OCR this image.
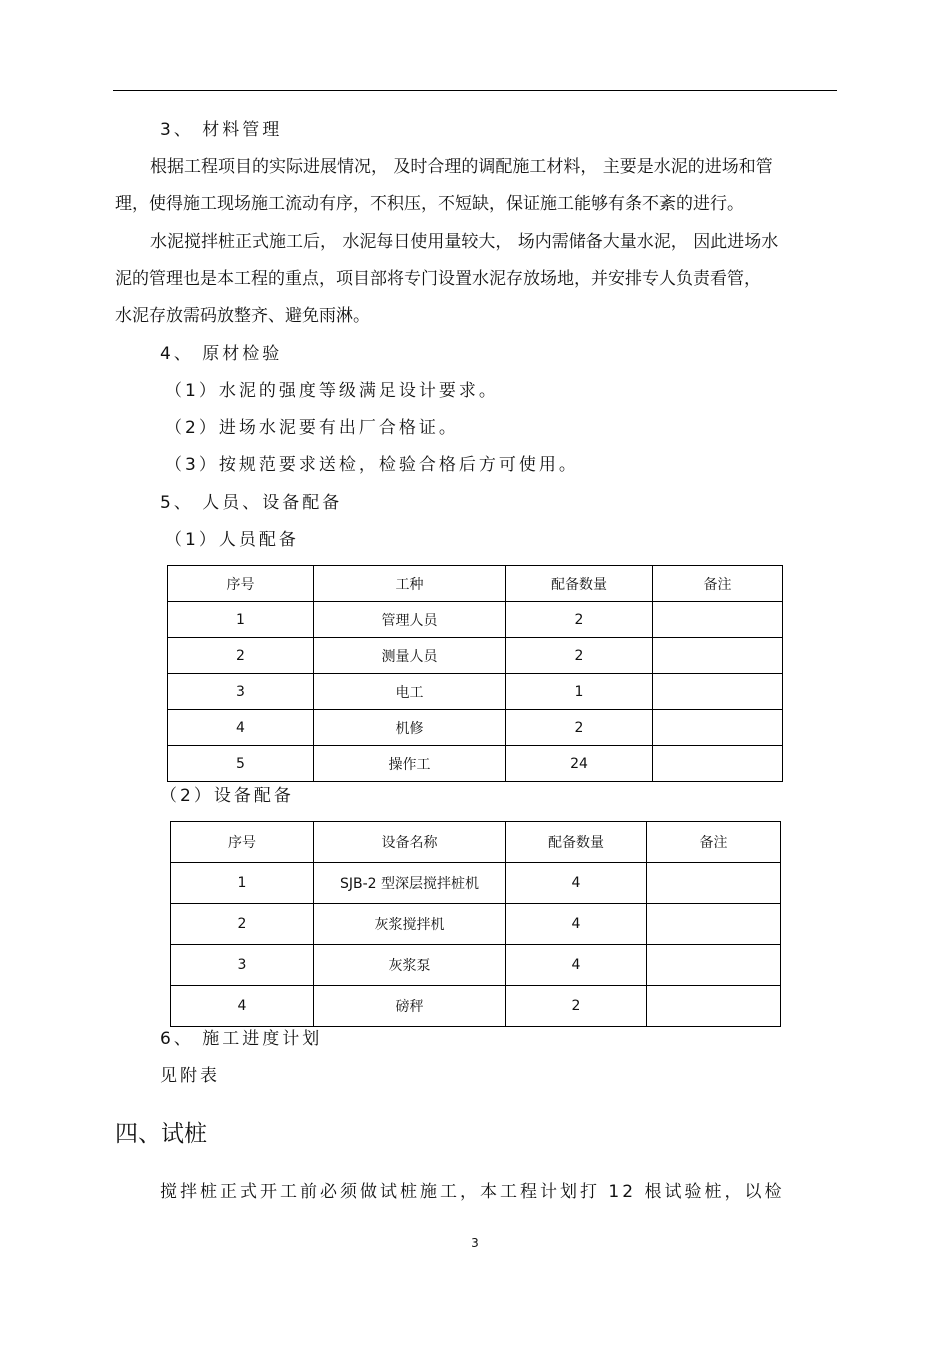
3、 材料管理
根据工程项目的实际进展情况， 及时合理的调配施工材料， 主要是水泥的进场和管
理，使得施工现场施工流动有序，不积压，不短缺，保证施工能够有条不紊的进行。
水泥搅拌桩正式施工后， 水泥每日使用量较大， 场内需储备大量水泥， 因此进场水
泥的管理也是本工程的重点，项目部将专门设置水泥存放场地，并安排专人负责看管，
水泥存放需码放整齐、避免雨淋。
4、 原材检验
（1）水泥的强度等级满足设计要求。
（2）进场水泥要有出厂合格证。
（3）按规范要求送检，检验合格后方可使用。
5、 人员、设备配备
（1）人员配备
序号	工种	配备数量	备注
1	管理人员	2	
2	测量人员	2	
3	电工	1	
4	机修	2	
5	操作工	24	
（2）设备配备
序号	设备名称	配备数量	备注
1	SJB-2 型深层搅拌桩机	4	
2	灰浆搅拌机	4	
3	灰浆泵	4	
4	磅秤	2	
6、 施工进度计划
见附表
四、试桩
搅拌桩正式开工前必须做试桩施工，本工程计划打 12 根试验桩，以检
3
